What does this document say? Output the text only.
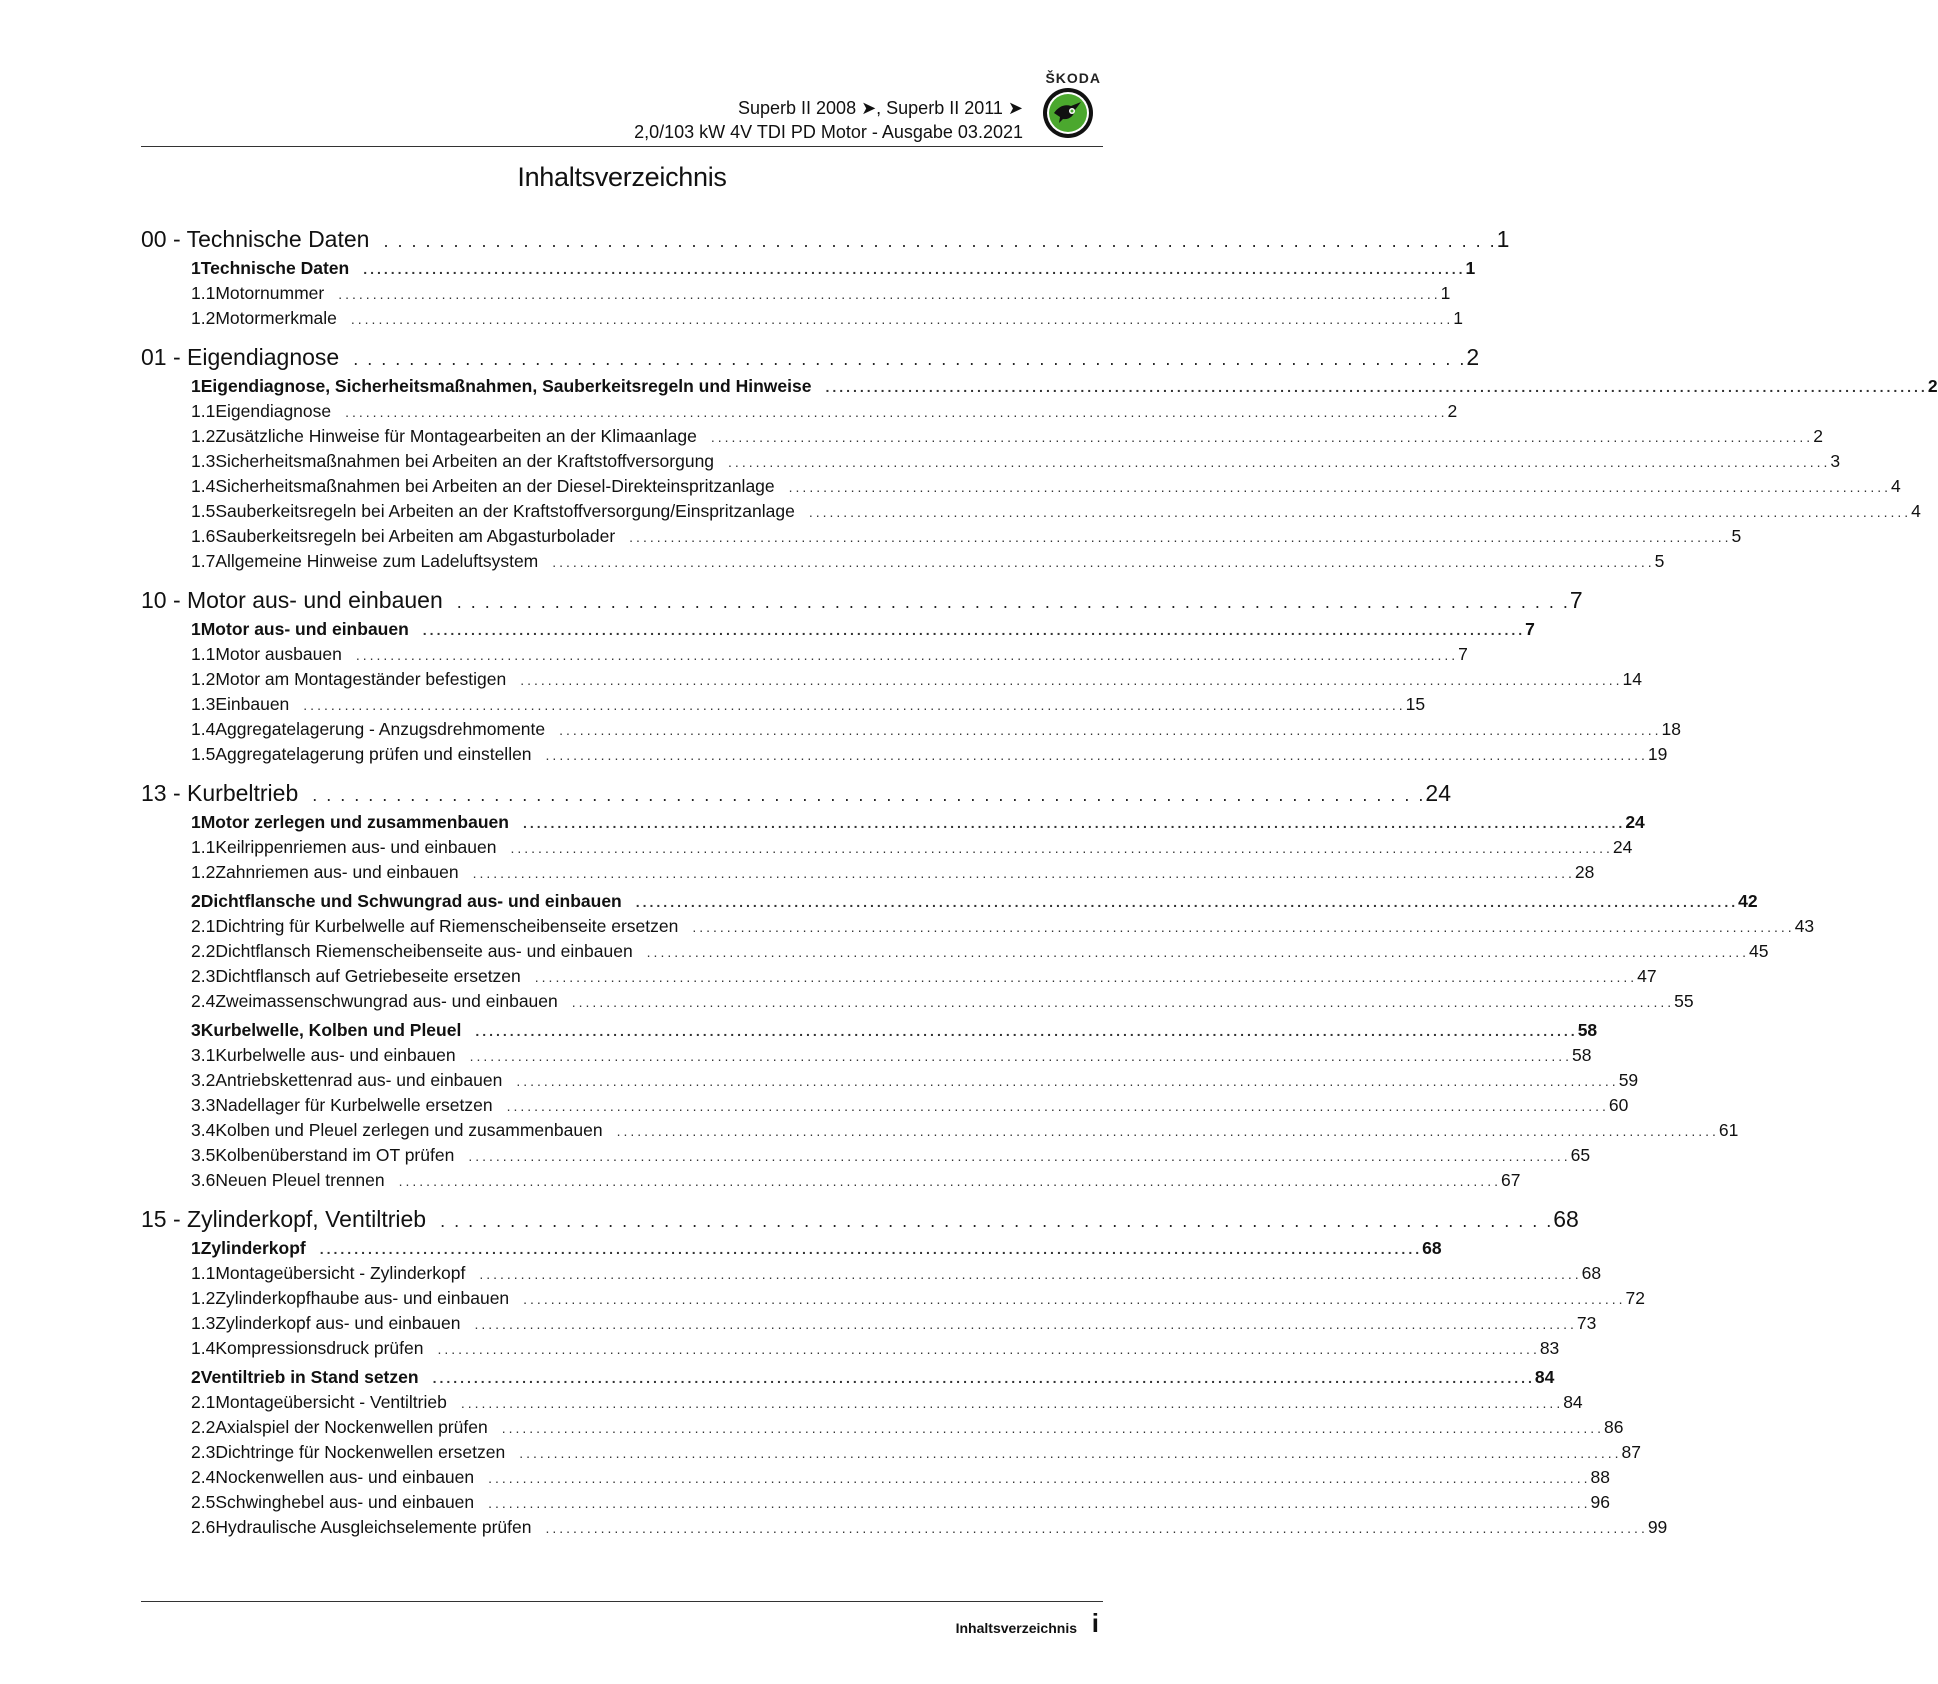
ŠKODA
Superb II 2008 ➤, Superb II 2011 ➤
2,0/103 kW 4V TDI PD Motor - Ausgabe 03.2021
Inhaltsverzeichnis
00 - Technische Daten . . . . . . . . . . . . . . . . . . . . . . . . . . . . . . . . . . . . . . . . . . . . . . . . . . . . . . . . . . . . . . . . . . . . . . . . . . . . . . . . 1
1 Technische Daten	................................................................................................................................................................ 1
1.1 Motornummer	................................................................................................................................................................ 1
1.2 Motormerkmale	................................................................................................................................................................ 1
01 - Eigendiagnose . . . . . . . . . . . . . . . . . . . . . . . . . . . . . . . . . . . . . . . . . . . . . . . . . . . . . . . . . . . . . . . . . . . . . . . . . . . . . . . . 2
1 Eigendiagnose, Sicherheitsmaßnahmen, Sauberkeitsregeln und Hinweise	................................................................................................................................................................ 2
1.1 Eigendiagnose	................................................................................................................................................................ 2
1.2 Zusätzliche Hinweise für Montagearbeiten an der Klimaanlage	................................................................................................................................................................ 2
1.3 Sicherheitsmaßnahmen bei Arbeiten an der Kraftstoffversorgung	................................................................................................................................................................ 3
1.4 Sicherheitsmaßnahmen bei Arbeiten an der Diesel-Direkteinspritzanlage	................................................................................................................................................................ 4
1.5 Sauberkeitsregeln bei Arbeiten an der Kraftstoffversorgung/Einspritzanlage	................................................................................................................................................................ 4
1.6 Sauberkeitsregeln bei Arbeiten am Abgasturbolader	................................................................................................................................................................ 5
1.7 Allgemeine Hinweise zum Ladeluftsystem	................................................................................................................................................................ 5
10 - Motor aus- und einbauen . . . . . . . . . . . . . . . . . . . . . . . . . . . . . . . . . . . . . . . . . . . . . . . . . . . . . . . . . . . . . . . . . . . . . . . . . . . . . . . . 7
1 Motor aus- und einbauen	................................................................................................................................................................ 7
1.1 Motor ausbauen	................................................................................................................................................................ 7
1.2 Motor am Montageständer befestigen	................................................................................................................................................................ 14
1.3 Einbauen	................................................................................................................................................................ 15
1.4 Aggregatelagerung - Anzugsdrehmomente	................................................................................................................................................................ 18
1.5 Aggregatelagerung prüfen und einstellen	................................................................................................................................................................ 19
13 - Kurbeltrieb . . . . . . . . . . . . . . . . . . . . . . . . . . . . . . . . . . . . . . . . . . . . . . . . . . . . . . . . . . . . . . . . . . . . . . . . . . . . . . . . 24
1 Motor zerlegen und zusammenbauen	................................................................................................................................................................ 24
1.1 Keilrippenriemen aus- und einbauen	................................................................................................................................................................ 24
1.2 Zahnriemen aus- und einbauen	................................................................................................................................................................ 28
2 Dichtflansche und Schwungrad aus- und einbauen	................................................................................................................................................................ 42
2.1 Dichtring für Kurbelwelle auf Riemenscheibenseite ersetzen	................................................................................................................................................................ 43
2.2 Dichtflansch Riemenscheibenseite aus- und einbauen	................................................................................................................................................................ 45
2.3 Dichtflansch auf Getriebeseite ersetzen	................................................................................................................................................................ 47
2.4 Zweimassenschwungrad aus- und einbauen	................................................................................................................................................................ 55
3 Kurbelwelle, Kolben und Pleuel	................................................................................................................................................................ 58
3.1 Kurbelwelle aus- und einbauen	................................................................................................................................................................ 58
3.2 Antriebskettenrad aus- und einbauen	................................................................................................................................................................ 59
3.3 Nadellager für Kurbelwelle ersetzen	................................................................................................................................................................ 60
3.4 Kolben und Pleuel zerlegen und zusammenbauen	................................................................................................................................................................ 61
3.5 Kolbenüberstand im OT prüfen	................................................................................................................................................................ 65
3.6 Neuen Pleuel trennen	................................................................................................................................................................ 67
15 - Zylinderkopf, Ventiltrieb . . . . . . . . . . . . . . . . . . . . . . . . . . . . . . . . . . . . . . . . . . . . . . . . . . . . . . . . . . . . . . . . . . . . . . . . . . . . . . . . 68
1 Zylinderkopf	................................................................................................................................................................ 68
1.1 Montageübersicht - Zylinderkopf	................................................................................................................................................................ 68
1.2 Zylinderkopfhaube aus- und einbauen	................................................................................................................................................................ 72
1.3 Zylinderkopf aus- und einbauen	................................................................................................................................................................ 73
1.4 Kompressionsdruck prüfen	................................................................................................................................................................ 83
2 Ventiltrieb in Stand setzen	................................................................................................................................................................ 84
2.1 Montageübersicht - Ventiltrieb	................................................................................................................................................................ 84
2.2 Axialspiel der Nockenwellen prüfen	................................................................................................................................................................ 86
2.3 Dichtringe für Nockenwellen ersetzen	................................................................................................................................................................ 87
2.4 Nockenwellen aus- und einbauen	................................................................................................................................................................ 88
2.5 Schwinghebel aus- und einbauen	................................................................................................................................................................ 96
2.6 Hydraulische Ausgleichselemente prüfen	................................................................................................................................................................ 99
Inhaltsverzeichnis i
